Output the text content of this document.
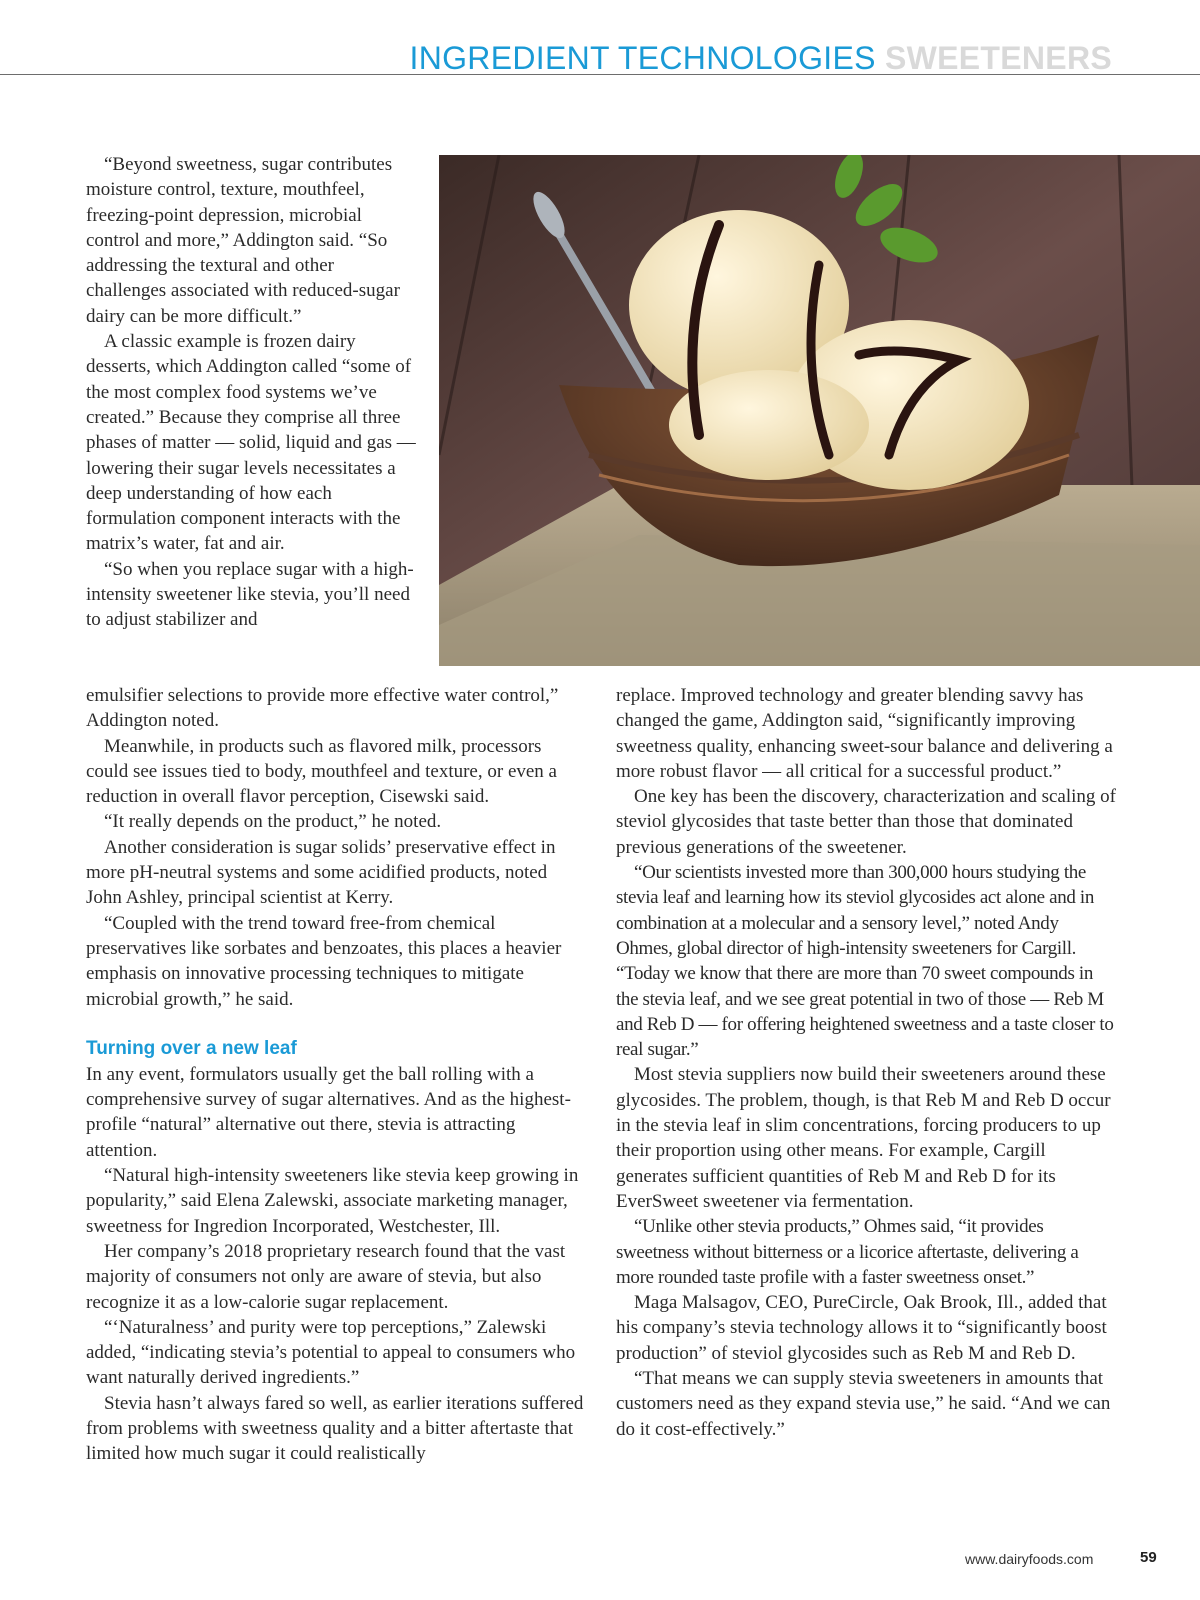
INGREDIENT TECHNOLOGIES SWEETENERS

“Beyond sweetness, sugar contributes moisture control, texture, mouthfeel, freezing-point depression, microbial control and more,” Addington said. “So addressing the textural and other challenges associated with reduced-sugar dairy can be more difficult.”

A classic example is frozen dairy desserts, which Addington called “some of the most complex food systems we’ve created.” Because they comprise all three phases of matter — solid, liquid and gas — lowering their sugar levels necessitates a deep understanding of how each formulation component interacts with the matrix’s water, fat and air.

“So when you replace sugar with a high-intensity sweetener like stevia, you’ll need to adjust stabilizer and

emulsifier selections to provide more effective water control,” Addington noted.

Meanwhile, in products such as flavored milk, processors could see issues tied to body, mouthfeel and texture, or even a reduction in overall flavor perception, Cisewski said.

“It really depends on the product,” he noted.

Another consideration is sugar solids’ preservative effect in more pH-neutral systems and some acidified products, noted John Ashley, principal scientist at Kerry.

“Coupled with the trend toward free-from chemical preservatives like sorbates and benzoates, this places a heavier emphasis on innovative processing techniques to mitigate microbial growth,” he said.

Turning over a new leaf

In any event, formulators usually get the ball rolling with a comprehensive survey of sugar alternatives. And as the highest-profile “natural” alternative out there, stevia is attracting attention.

“Natural high-intensity sweeteners like stevia keep growing in popularity,” said Elena Zalewski, associate marketing manager, sweetness for Ingredion Incorporated, Westchester, Ill.

Her company’s 2018 proprietary research found that the vast majority of consumers not only are aware of stevia, but also recognize it as a low-calorie sugar replacement.

“‘Naturalness’ and purity were top perceptions,” Zalewski added, “indicating stevia’s potential to appeal to consumers who want naturally derived ingredients.”

Stevia hasn’t always fared so well, as earlier iterations suffered from problems with sweetness quality and a bitter aftertaste that limited how much sugar it could realistically

replace. Improved technology and greater blending savvy has changed the game, Addington said, “significantly improving sweetness quality, enhancing sweet-sour balance and delivering a more robust flavor — all critical for a successful product.”

One key has been the discovery, characterization and scaling of steviol glycosides that taste better than those that dominated previous generations of the sweetener.

“Our scientists invested more than 300,000 hours studying the stevia leaf and learning how its steviol glycosides act alone and in combination at a molecular and a sensory level,” noted Andy Ohmes, global director of high-intensity sweeteners for Cargill. “Today we know that there are more than 70 sweet compounds in the stevia leaf, and we see great potential in two of those — Reb M and Reb D — for offering heightened sweetness and a taste closer to real sugar.”

Most stevia suppliers now build their sweeteners around these glycosides. The problem, though, is that Reb M and Reb D occur in the stevia leaf in slim concentrations, forcing producers to up their proportion using other means. For example, Cargill generates sufficient quantities of Reb M and Reb D for its EverSweet sweetener via fermentation.

“Unlike other stevia products,” Ohmes said, “it provides sweetness without bitterness or a licorice aftertaste, delivering a more rounded taste profile with a faster sweetness onset.”

Maga Malsagov, CEO, PureCircle, Oak Brook, Ill., added that his company’s stevia technology allows it to “significantly boost production” of steviol glycosides such as Reb M and Reb D.

“That means we can supply stevia sweeteners in amounts that customers need as they expand stevia use,” he said. “And we can do it cost-effectively.”

www.dairyfoods.com	59
